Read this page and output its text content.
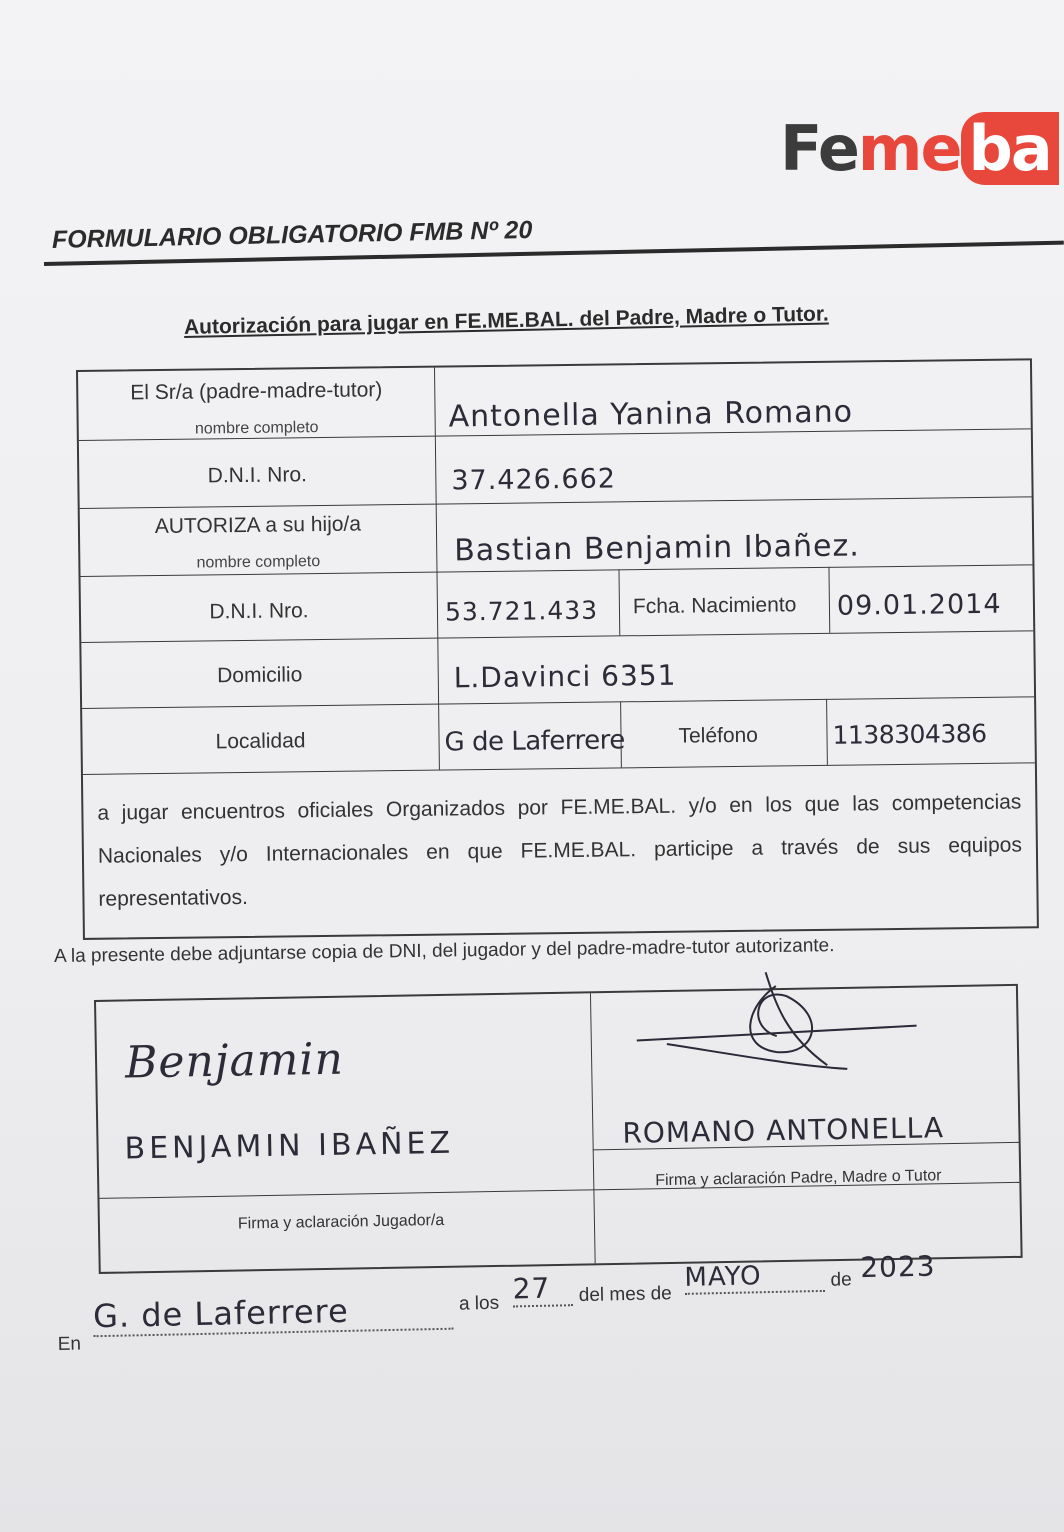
Feme ba
FORMULARIO OBLIGATORIO FMB Nº 20
Autorización para jugar en FE.ME.BAL. del Padre, Madre o Tutor.
El Sr/a (padre-madre-tutor)
nombre completo	Antonella Yanina Romano
D.N.I. Nro.	37.426.662
AUTORIZA a su hijo/a
nombre completo	Bastian Benjamin Ibañez.
D.N.I. Nro.	53.721.433 Fcha. Nacimiento 09.01.2014
Domicilio	L.Davinci 6351
Localidad	G de Laferrere	Teléfono	1138304386
a jugar encuentros oficiales Organizados por FE.ME.BAL. y/o en los que las competencias Nacionales y/o Internacionales en que FE.ME.BAL. participe a través de sus equipos representativos.
A la presente debe adjuntarse copia de DNI, del jugador y del padre-madre-tutor autorizante.
Benjamin
BENJAMIN IBAÑEZ
Firma y aclaración Jugador/a
ROMANO ANTONELLA
Firma y aclaración Padre, Madre o Tutor
En
G. de Laferrere	a los 27	del mes de
MAYO	de 2023
